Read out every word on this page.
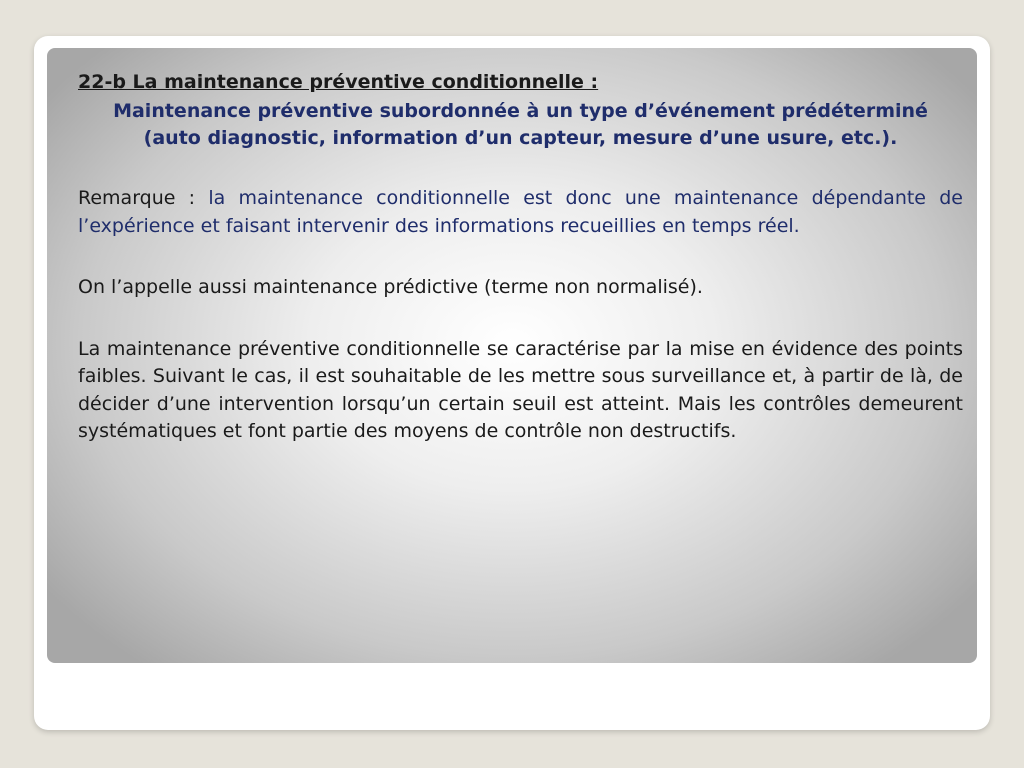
22-b La maintenance préventive conditionnelle :

Maintenance préventive subordonnée à un type d’événement prédéterminé (auto diagnostic, information d’un capteur, mesure d’une usure, etc.).

Remarque : la maintenance conditionnelle est donc une maintenance dépendante de l’expérience et faisant intervenir des informations recueillies en temps réel.

On l’appelle aussi maintenance prédictive (terme non normalisé).

La maintenance préventive conditionnelle se caractérise par la mise en évidence des points faibles. Suivant le cas, il est souhaitable de les mettre sous surveillance et, à partir de là, de décider d’une intervention lorsqu’un certain seuil est atteint. Mais les contrôles demeurent systématiques et font partie des moyens de contrôle non destructifs.
